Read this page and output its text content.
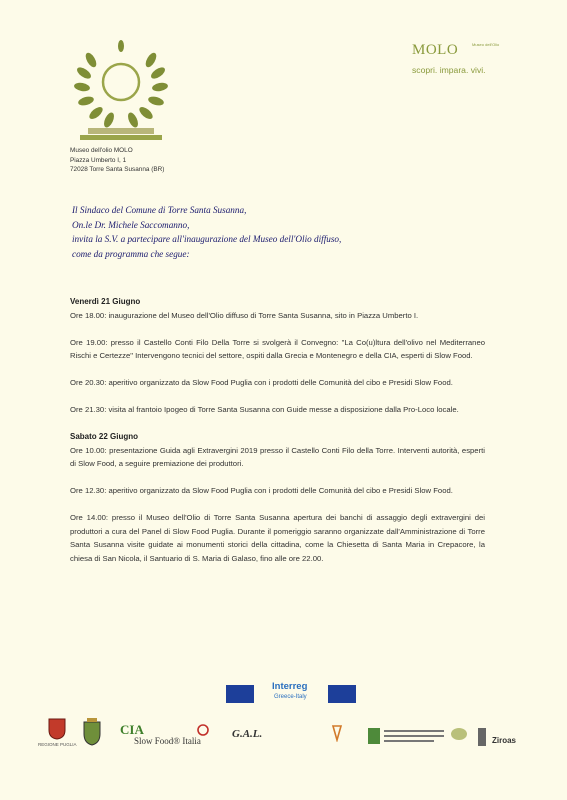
Museo dell'olio MOLO
Piazza Umberto I, 1
72028 Torre Santa Susanna (BR)
MOLO	Museo dell'Olio
scopri. impara. vivi.
Il Sindaco del Comune di Torre Santa Susanna,
On.le Dr. Michele Saccomanno,
invita la S.V. a partecipare all'inaugurazione del Museo dell'Olio diffuso,
come da programma che segue:
Venerdì 21 Giugno

Ore 18.00: inaugurazione del Museo dell'Olio diffuso di Torre Santa Susanna, sito in Piazza Umberto I.

Ore 19.00: presso il Castello Conti Filo Della Torre si svolgerà il Convegno: "La Co(u)ltura dell'olivo nel Mediterraneo Rischi e Certezze" Intervengono tecnici del settore, ospiti dalla Grecia e Montenegro e della CIA, esperti di Slow Food.

Ore 20.30: aperitivo organizzato da Slow Food Puglia con i prodotti delle Comunità del cibo e Presidi Slow Food.

Ore 21.30: visita al frantoio Ipogeo di Torre Santa Susanna con Guide messe a disposizione dalla Pro-Loco locale.

Sabato 22 Giugno

Ore 10.00: presentazione Guida agli Extravergini 2019 presso il Castello Conti Filo della Torre. Interventi autorità, esperti di Slow Food, a seguire premiazione dei produttori.

Ore 12.30: aperitivo organizzato da Slow Food Puglia con i prodotti delle Comunità del cibo e Presidi Slow Food.

Ore 14.00: presso il Museo dell'Olio di Torre Santa Susanna apertura dei banchi di assaggio degli extravergini dei produttori a cura del Panel di Slow Food Puglia. Durante il pomeriggio saranno organizzate dall'Amministrazione di Torre Santa Susanna visite guidate ai monumenti storici della cittadina, come la Chiesetta di Santa Maria in Crepacore, la chiesa di San Nicola, il Santuario di S. Maria di Galaso, fino alle ore 22.00.

Interreg
Greece-Italy
REGIONE PUGLIA
CIA
Slow Food® Italia
G.A.L.
Ziroas
